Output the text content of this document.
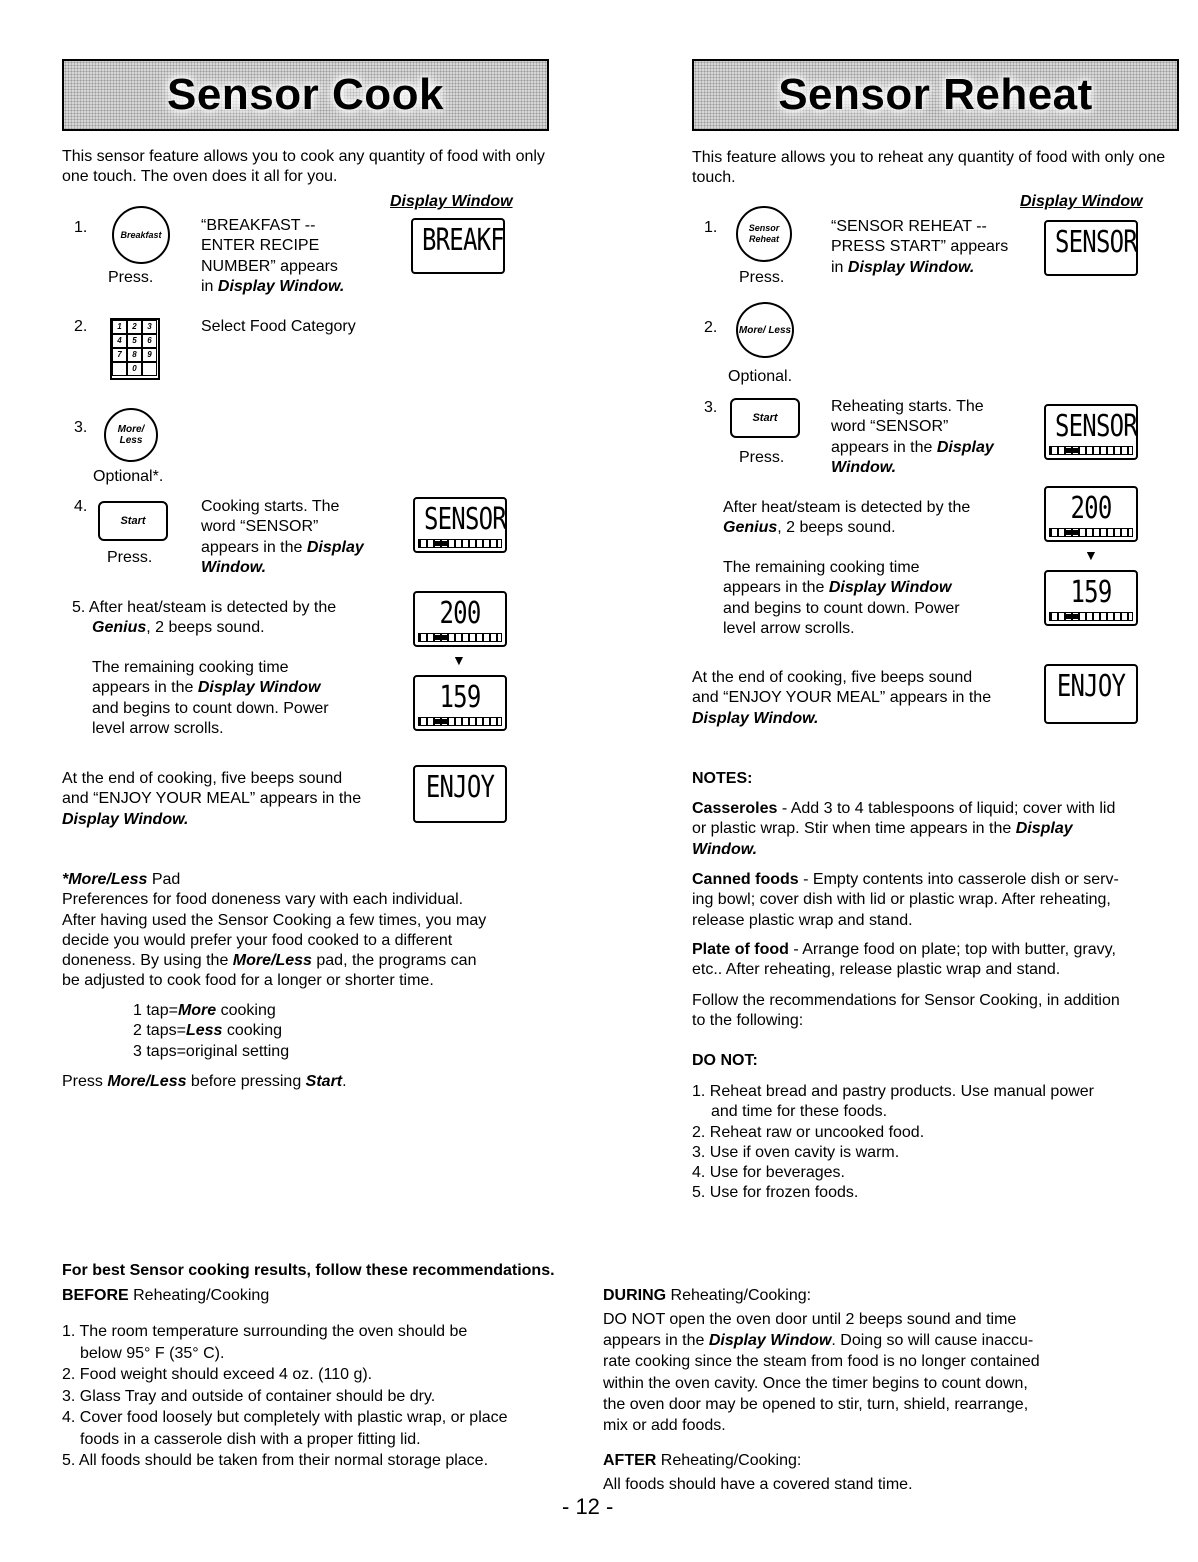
Sensor Cook
This sensor feature allows you to cook any quantity of food with only one touch. The oven does it all for you.
Display Window
1.	Breakfast
Press.
“BREAKFAST --
ENTER RECIPE
NUMBER” appears
in Display Window.
BREAKF
2.	1	2	3
4	5	6
7	8	9
0
Select Food Category
3.	More/ Less
Optional*.
4.
Start
Press.
Cooking starts. The
word “SENSOR”
appears in the Display
Window.
SENSOR
5. After heat/steam is detected by the
Genius, 2 beeps sound.	200
▼
The remaining cooking time
appears in the Display Window
and begins to count down. Power
level arrow scrolls.
159
At the end of cooking, five beeps sound
and “ENJOY YOUR MEAL” appears in the
Display Window.
ENJOY
*More/Less Pad
Preferences for food doneness vary with each individual.
After having used the Sensor Cooking a few times, you may
decide you would prefer your food cooked to a different
doneness. By using the More/Less pad, the programs can
be adjusted to cook food for a longer or shorter time.
1 tap=More cooking
2 taps=Less cooking
3 taps=original setting
Press More/Less before pressing Start.
Sensor Reheat
This feature allows you to reheat any quantity of food with only one touch.
Display Window
1.	Sensor Reheat
Press.
“SENSOR REHEAT --
PRESS START” appears
in Display Window.
SENSOR
2. More/ Less
Optional.
3.
Start
Press.
Reheating starts. The
word “SENSOR”
appears in the Display
Window.
SENSOR
After heat/steam is detected by the
Genius, 2 beeps sound.
200
▼
The remaining cooking time
appears in the Display Window
and begins to count down. Power
level arrow scrolls.
159
At the end of cooking, five beeps sound
and “ENJOY YOUR MEAL” appears in the
Display Window.
ENJOY
NOTES:
Casseroles - Add 3 to 4 tablespoons of liquid; cover with lid
or plastic wrap. Stir when time appears in the Display
Window.
Canned foods - Empty contents into casserole dish or serv-
ing bowl; cover dish with lid or plastic wrap. After reheating,
release plastic wrap and stand.
Plate of food - Arrange food on plate; top with butter, gravy,
etc.. After reheating, release plastic wrap and stand.
Follow the recommendations for Sensor Cooking, in addition
to the following:
DO NOT:
1. Reheat bread and pastry products. Use manual power
and time for these foods.
2. Reheat raw or uncooked food.
3. Use if oven cavity is warm.
4. Use for beverages.
5. Use for frozen foods.
For best Sensor cooking results, follow these recommendations.
BEFORE Reheating/Cooking
1. The room temperature surrounding the oven should be
below 95° F (35° C).
2. Food weight should exceed 4 oz. (110 g).
3. Glass Tray and outside of container should be dry.
4. Cover food loosely but completely with plastic wrap, or place
foods in a casserole dish with a proper fitting lid.
5. All foods should be taken from their normal storage place.
DURING Reheating/Cooking:
DO NOT open the oven door until 2 beeps sound and time
appears in the Display Window. Doing so will cause inaccu-
rate cooking since the steam from food is no longer contained
within the oven cavity. Once the timer begins to count down,
the oven door may be opened to stir, turn, shield, rearrange,
mix or add foods.
AFTER Reheating/Cooking:
All foods should have a covered stand time.
- 12 -
